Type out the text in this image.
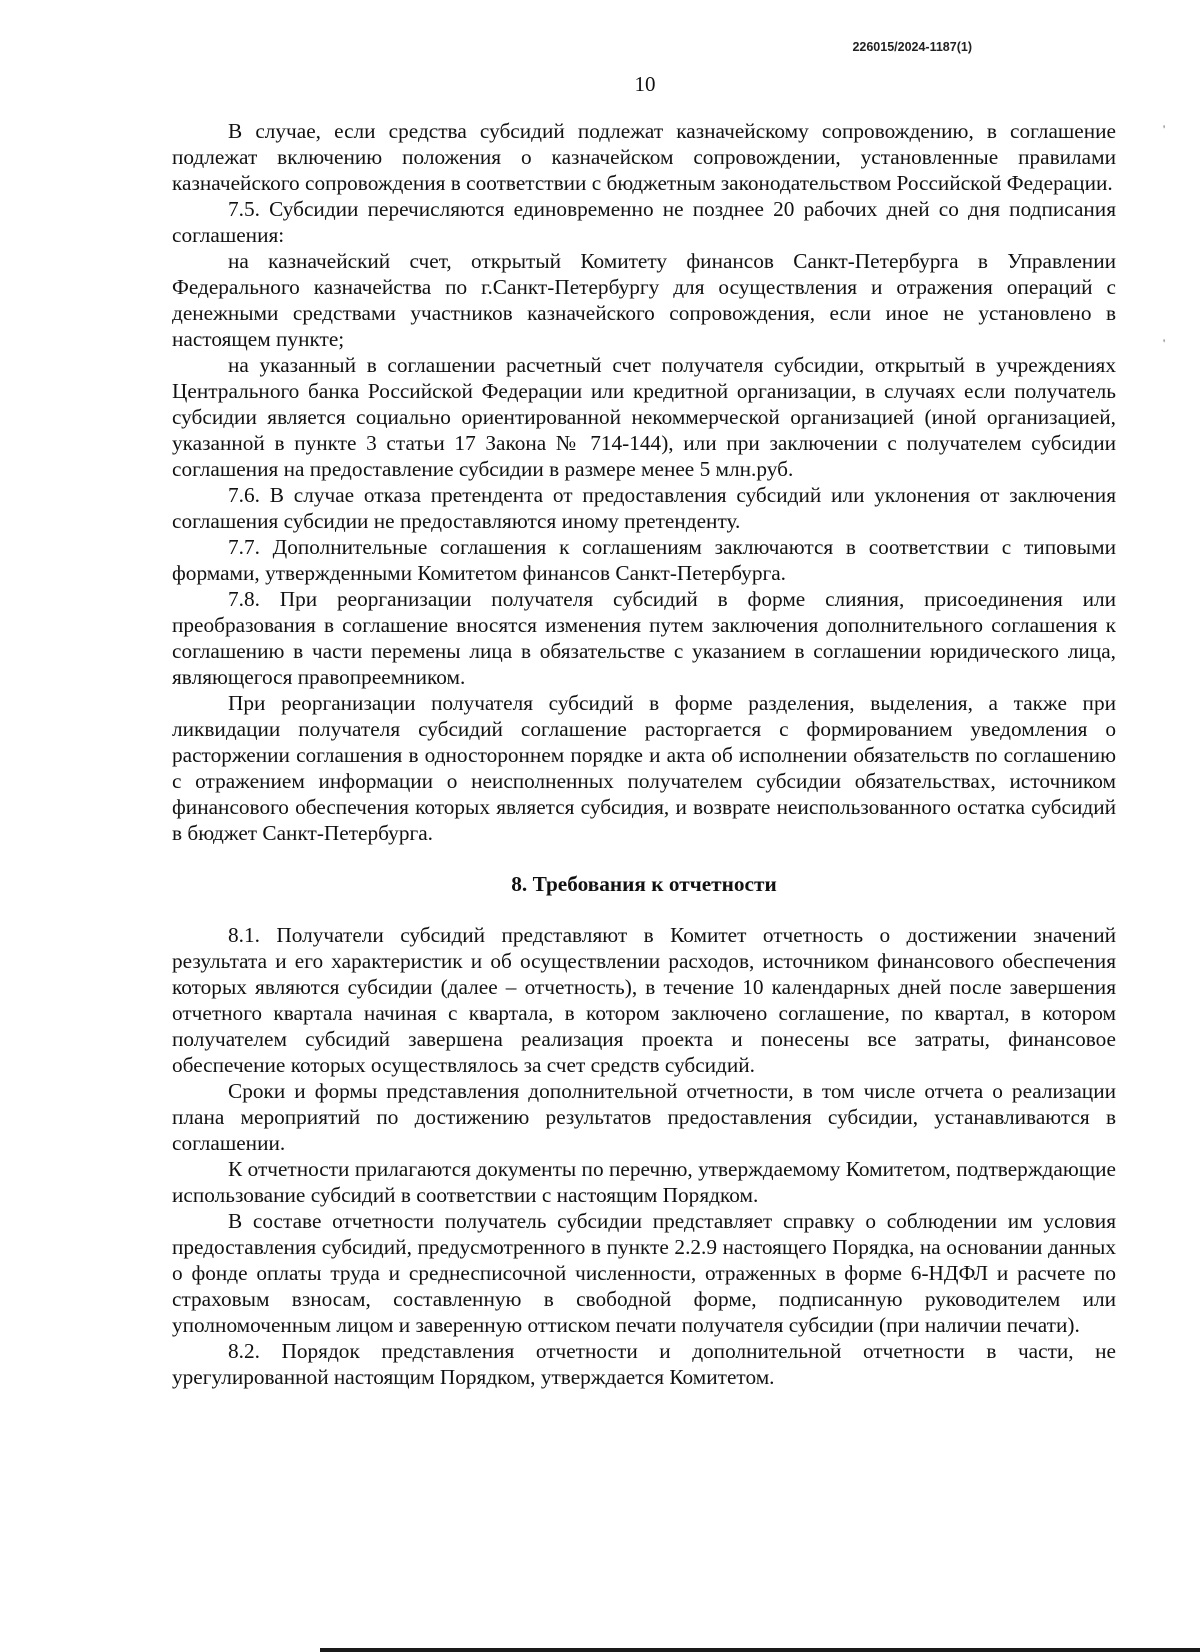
226015/2024-1187(1)
10
'
'

В случае, если средства субсидий подлежат казначейскому сопровождению, в соглашение подлежат включению положения о казначейском сопровождении, установленные правилами казначейского сопровождения в соответствии с бюджетным законодательством Российской Федерации.

7.5. Субсидии перечисляются единовременно не позднее 20 рабочих дней со дня подписания соглашения:

на казначейский счет, открытый Комитету финансов Санкт-Петербурга в Управлении Федерального казначейства по г.Санкт-Петербургу для осуществления и отражения операций с денежными средствами участников казначейского сопровождения, если иное не установлено в настоящем пункте;

на указанный в соглашении расчетный счет получателя субсидии, открытый в учреждениях Центрального банка Российской Федерации или кредитной организации, в случаях если получатель субсидии является социально ориентированной некоммерческой организацией (иной организацией, указанной в пункте 3 статьи 17 Закона № 714-144), или при заключении с получателем субсидии соглашения на предоставление субсидии в размере менее 5 млн.руб.

7.6. В случае отказа претендента от предоставления субсидий или уклонения от заключения соглашения субсидии не предоставляются иному претенденту.

7.7. Дополнительные соглашения к соглашениям заключаются в соответствии с типовыми формами, утвержденными Комитетом финансов Санкт-Петербурга.

7.8. При реорганизации получателя субсидий в форме слияния, присоединения или преобразования в соглашение вносятся изменения путем заключения дополнительного соглашения к соглашению в части перемены лица в обязательстве с указанием в соглашении юридического лица, являющегося правопреемником.

При реорганизации получателя субсидий в форме разделения, выделения, а также при ликвидации получателя субсидий соглашение расторгается с формированием уведомления о расторжении соглашения в одностороннем порядке и акта об исполнении обязательств по соглашению с отражением информации о неисполненных получателем субсидии обязательствах, источником финансового обеспечения которых является субсидия, и возврате неиспользованного остатка субсидий в бюджет Санкт-Петербурга.

8. Требования к отчетности

8.1. Получатели субсидий представляют в Комитет отчетность о достижении значений результата и его характеристик и об осуществлении расходов, источником финансового обеспечения которых являются субсидии (далее – отчетность), в течение 10 календарных дней после завершения отчетного квартала начиная с квартала, в котором заключено соглашение, по квартал, в котором получателем субсидий завершена реализация проекта и понесены все затраты, финансовое обеспечение которых осуществлялось за счет средств субсидий.

Сроки и формы представления дополнительной отчетности, в том числе отчета о реализации плана мероприятий по достижению результатов предоставления субсидии, устанавливаются в соглашении.

К отчетности прилагаются документы по перечню, утверждаемому Комитетом, подтверждающие использование субсидий в соответствии с настоящим Порядком.

В составе отчетности получатель субсидии представляет справку о соблюдении им условия предоставления субсидий, предусмотренного в пункте 2.2.9 настоящего Порядка, на основании данных о фонде оплаты труда и среднесписочной численности, отраженных в форме 6-НДФЛ и расчете по страховым взносам, составленную в свободной форме, подписанную руководителем или уполномоченным лицом и заверенную оттиском печати получателя субсидии (при наличии печати).

8.2. Порядок представления отчетности и дополнительной отчетности в части, не урегулированной настоящим Порядком, утверждается Комитетом.
